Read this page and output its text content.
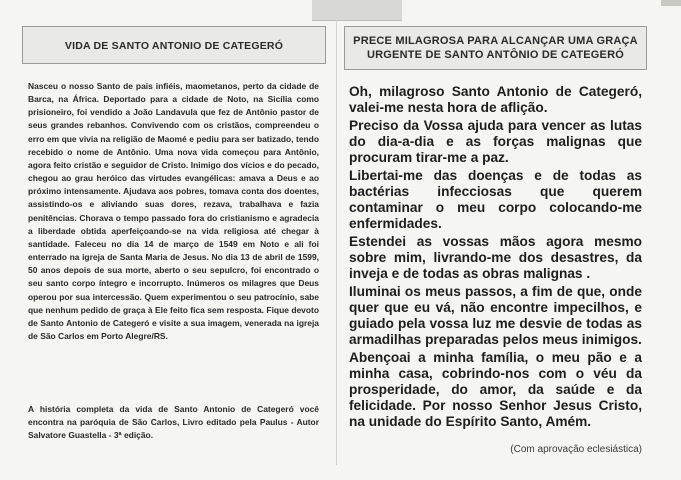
VIDA DE SANTO ANTONIO DE CATEGERÓ

Nasceu o nosso Santo de pais infiéis, maometanos, perto da cidade de Barca, na África. Deportado para a cidade de Noto, na Sicília como prisioneiro, foi vendido a João Landavula que fez de Antônio pastor de seus grandes rebanhos. Convivendo com os cristãos, compreendeu o erro em que vivia na religião de Maomé e pediu para ser batizado, tendo recebido o nome de Antônio. Uma nova vida começou para Antônio, agora feito cristão e seguidor de Cristo. Inimigo dos vícios e do pecado, chegou ao grau heróico das virtudes evangélicas: amava a Deus e ao próximo intensamente. Ajudava aos pobres, tomava conta dos doentes, assistindo-os e aliviando suas dores, rezava, trabalhava e fazia penitências. Chorava o tempo passado fora do cristianismo e agradecia a liberdade obtida aperfeiçoando-se na vida religiosa até chegar à santidade. Faleceu no dia 14 de março de 1549 em Noto e ali foi enterrado na igreja de Santa Maria de Jesus. No dia 13 de abril de 1599, 50 anos depois de sua morte, aberto o seu sepulcro, foi encontrado o seu santo corpo íntegro e incorrupto. Inúmeros os milagres que Deus operou por sua intercessão. Quem experimentou o seu patrocínio, sabe que nenhum pedido de graça à Ele feito fica sem resposta. Fique devoto de Santo Antonio de Categeró e visite a sua imagem, venerada na igreja de São Carlos em Porto Alegre/RS.

A história completa da vida de Santo Antonio de Categeró você encontra na paróquia de São Carlos, Livro editado pela Paulus - Autor Salvatore Guastella - 3ª edição.
PRECE MILAGROSA PARA ALCANÇAR UMA GRAÇA
URGENTE DE SANTO ANTÔNIO DE CATEGERÓ

Oh, milagroso Santo Antonio de Categeró, valei-me nesta hora de aflição.

Preciso da Vossa ajuda para vencer as lutas do dia-a-dia e as forças malignas que procuram tirar-me a paz.

Libertai-me das doenças e de todas as bactérias infecciosas que querem contaminar o meu corpo colocando-me enfermidades.

Estendei as vossas mãos agora mesmo sobre mim, livrando-me dos desastres, da inveja e de todas as obras malignas .

Iluminai os meus passos, a fim de que, onde quer que eu vá, não encontre impecilhos, e guiado pela vossa luz me desvie de todas as armadilhas preparadas pelos meus inimigos.

Abençoai a minha família, o meu pão e a minha casa, cobrindo-nos com o véu da prosperidade, do amor, da saúde e da felicidade. Por nosso Senhor Jesus Cristo, na unidade do Espírito Santo, Amém.

(Com aprovação eclesiástica)
